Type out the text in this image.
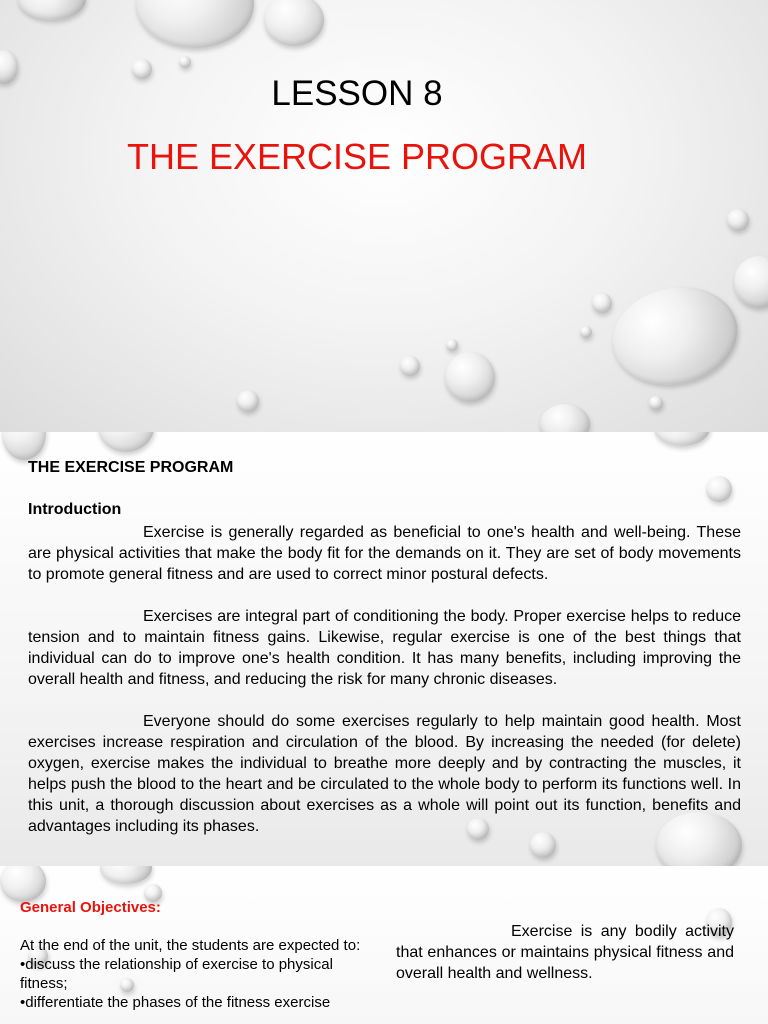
LESSON 8
THE EXERCISE PROGRAM
THE EXERCISE PROGRAM
Introduction

Exercise is generally regarded as beneficial to one's health and well-being. These are physical activities that make the body fit for the demands on it. They are set of body movements to promote general fitness and are used to correct minor postural defects.

Exercises are integral part of conditioning the body. Proper exercise helps to reduce tension and to maintain fitness gains. Likewise, regular exercise is one of the best things that individual can do to improve one's health condition. It has many benefits, including improving the overall health and fitness, and reducing the risk for many chronic diseases.

Everyone should do some exercises regularly to help maintain good health. Most exercises increase respiration and circulation of the blood. By increasing the needed (for delete) oxygen, exercise makes the individual to breathe more deeply and by contracting the muscles, it helps push the blood to the heart and be circulated to the whole body to perform its functions well. In this unit, a thorough discussion about exercises as a whole will point out its function, benefits and advantages including its phases.

General Objectives:
At the end of the unit, the students are expected to:
•discuss the relationship of exercise to physical fitness;
•differentiate the phases of the fitness exercise
Exercise is any bodily activity that enhances or maintains physical fitness and overall health and wellness.
